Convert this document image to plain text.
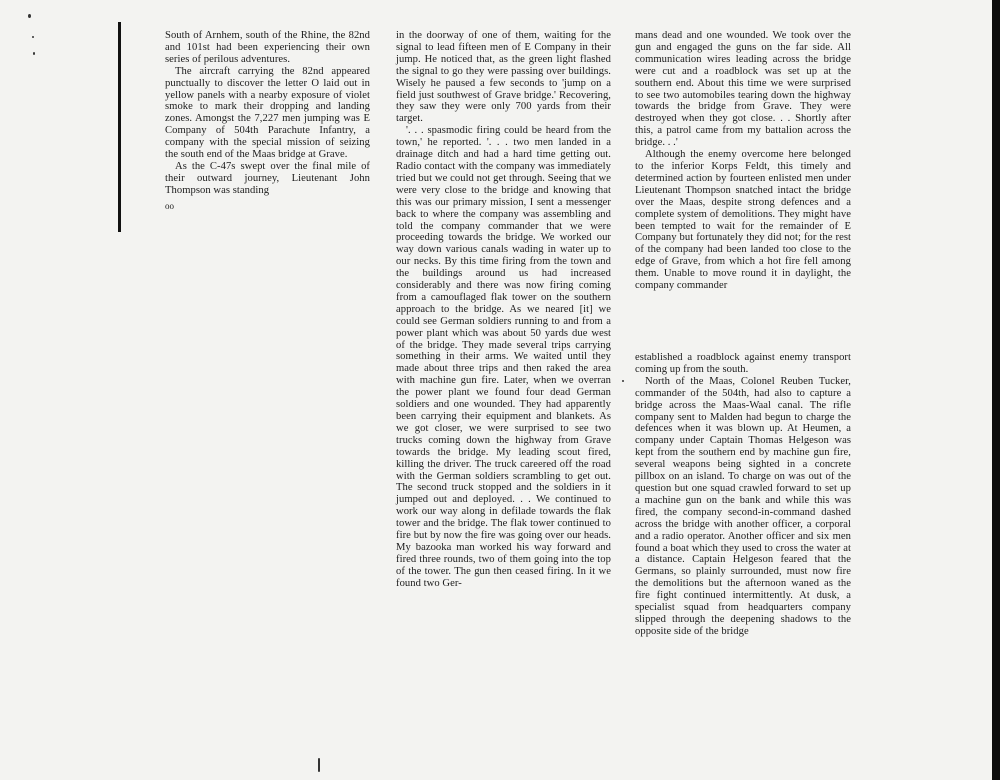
South of Arnhem, south of the Rhine, the 82nd and 101st had been experiencing their own series of perilous adventures.

The aircraft carrying the 82nd appeared punctually to discover the letter O laid out in yellow panels with a nearby exposure of violet smoke to mark their dropping and landing zones. Amongst the 7,227 men jumping was E Company of 504th Parachute Infantry, a company with the special mission of seizing the south end of the Maas bridge at Grave.

As the C-47s swept over the final mile of their outward journey, Lieutenant John Thompson was standing

oo

in the doorway of one of them, waiting for the signal to lead fifteen men of E Company in their jump. He noticed that, as the green light flashed the signal to go they were passing over buildings. Wisely he paused a few seconds to 'jump on a field just southwest of Grave bridge.' Recovering, they saw they were only 700 yards from their target.

'. . . spasmodic firing could be heard from the town,' he reported. '. . . two men landed in a drainage ditch and had a hard time getting out. Radio contact with the company was immediately tried but we could not get through. Seeing that we were very close to the bridge and knowing that this was our primary mission, I sent a messenger back to where the company was assembling and told the company commander that we were proceeding towards the bridge. We worked our way down various canals wading in water up to our necks. By this time firing from the town and the buildings around us had increased considerably and there was now firing coming from a camouflaged flak tower on the southern approach to the bridge. As we neared [it] we could see German soldiers running to and from a power plant which was about 50 yards due west of the bridge. They made several trips carrying something in their arms. We waited until they made about three trips and then raked the area with machine gun fire. Later, when we overran the power plant we found four dead German soldiers and one wounded. They had apparently been carrying their equipment and blankets. As we got closer, we were surprised to see two trucks coming down the highway from Grave towards the bridge. My leading scout fired, killing the driver. The truck careered off the road with the German soldiers scrambling to get out. The second truck stopped and the soldiers in it jumped out and deployed. . . We continued to work our way along in defilade towards the flak tower and the bridge. The flak tower continued to fire but by now the fire was going over our heads. My bazooka man worked his way forward and fired three rounds, two of them going into the top of the tower. The gun then ceased firing. In it we found two Ger-

mans dead and one wounded. We took over the gun and engaged the guns on the far side. All communication wires leading across the bridge were cut and a roadblock was set up at the southern end. About this time we were surprised to see two automobiles tearing down the highway towards the bridge from Grave. They were destroyed when they got close. . . Shortly after this, a patrol came from my battalion across the bridge. . .'

Although the enemy overcome here belonged to the inferior Korps Feldt, this timely and determined action by fourteen enlisted men under Lieutenant Thompson snatched intact the bridge over the Maas, despite strong defences and a complete system of demolitions. They might have been tempted to wait for the remainder of E Company but fortunately they did not; for the rest of the company had been landed too close to the edge of Grave, from which a hot fire fell among them. Unable to move round it in daylight, the company commander

established a roadblock against enemy transport coming up from the south.

North of the Maas, Colonel Reuben Tucker, commander of the 504th, had also to capture a bridge across the Maas-Waal canal. The rifle company sent to Malden had begun to charge the defences when it was blown up. At Heumen, a company under Captain Thomas Helgeson was kept from the southern end by machine gun fire, several weapons being sighted in a concrete pillbox on an island. To charge on was out of the question but one squad crawled forward to set up a machine gun on the bank and while this was fired, the company second-in-command dashed across the bridge with another officer, a corporal and a radio operator. Another officer and six men found a boat which they used to cross the water at a distance. Captain Helgeson feared that the Germans, so plainly surrounded, must now fire the demolitions but the afternoon waned as the fire fight continued intermittently. At dusk, a specialist squad from headquarters company slipped through the deepening shadows to the opposite side of the bridge
